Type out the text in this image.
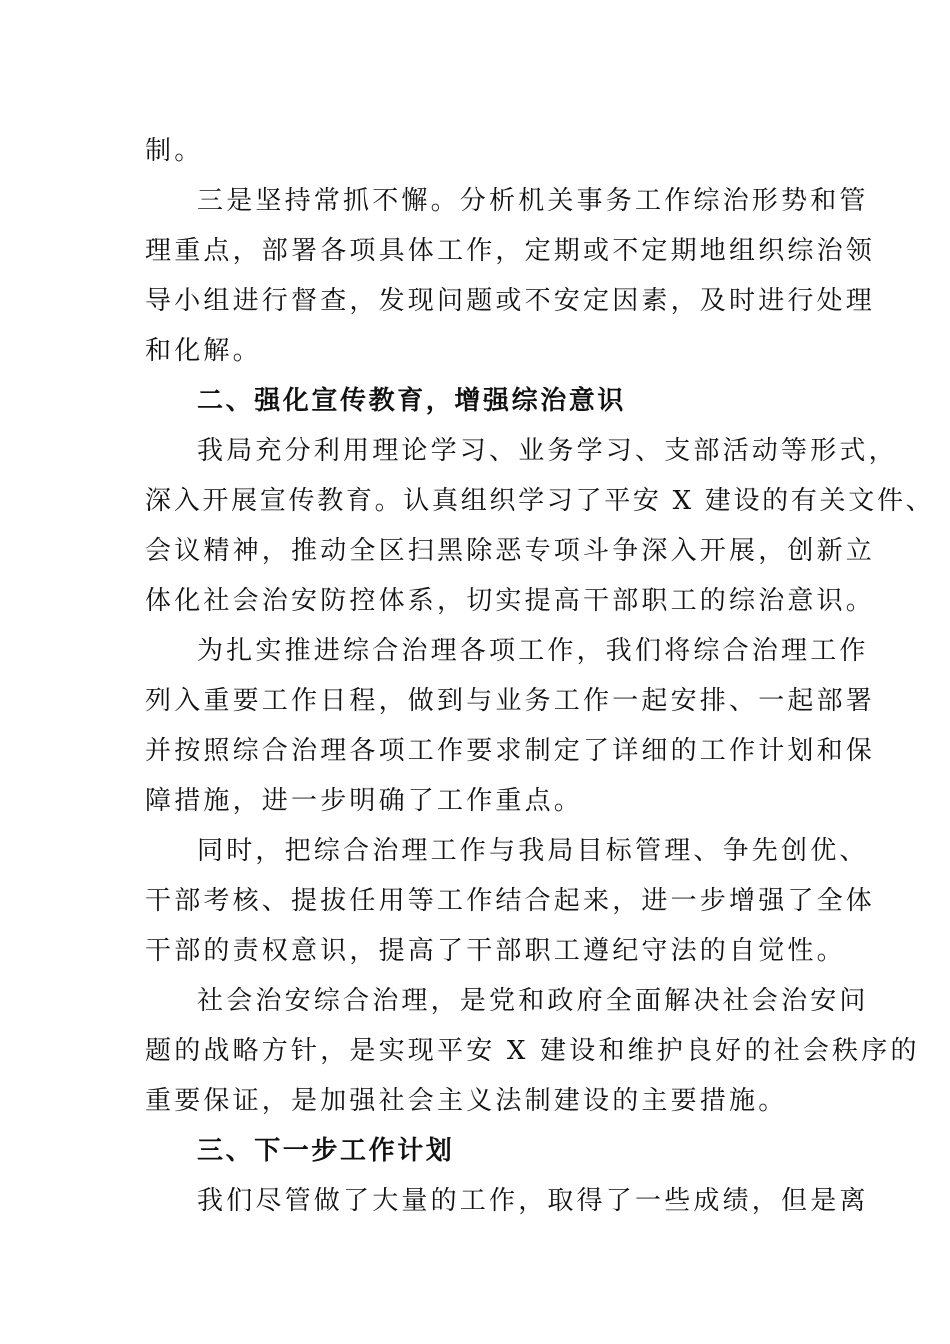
制。
三是坚持常抓不懈。分析机关事务工作综治形势和管
理重点，部署各项具体工作，定期或不定期地组织综治领
导小组进行督查，发现问题或不安定因素，及时进行处理
和化解。
二、强化宣传教育，增强综治意识
我局充分利用理论学习、业务学习、支部活动等形式，
深入开展宣传教育。认真组织学习了平安 X 建设的有关文件、
会议精神，推动全区扫黑除恶专项斗争深入开展，创新立
体化社会治安防控体系，切实提高干部职工的综治意识。
为扎实推进综合治理各项工作，我们将综合治理工作
列入重要工作日程，做到与业务工作一起安排、一起部署
并按照综合治理各项工作要求制定了详细的工作计划和保
障措施，进一步明确了工作重点。
同时，把综合治理工作与我局目标管理、争先创优、
干部考核、提拔任用等工作结合起来，进一步增强了全体
干部的责权意识，提高了干部职工遵纪守法的自觉性。
社会治安综合治理，是党和政府全面解决社会治安问
题的战略方针，是实现平安 X 建设和维护良好的社会秩序的
重要保证，是加强社会主义法制建设的主要措施。
三、下一步工作计划
我们尽管做了大量的工作，取得了一些成绩，但是离
